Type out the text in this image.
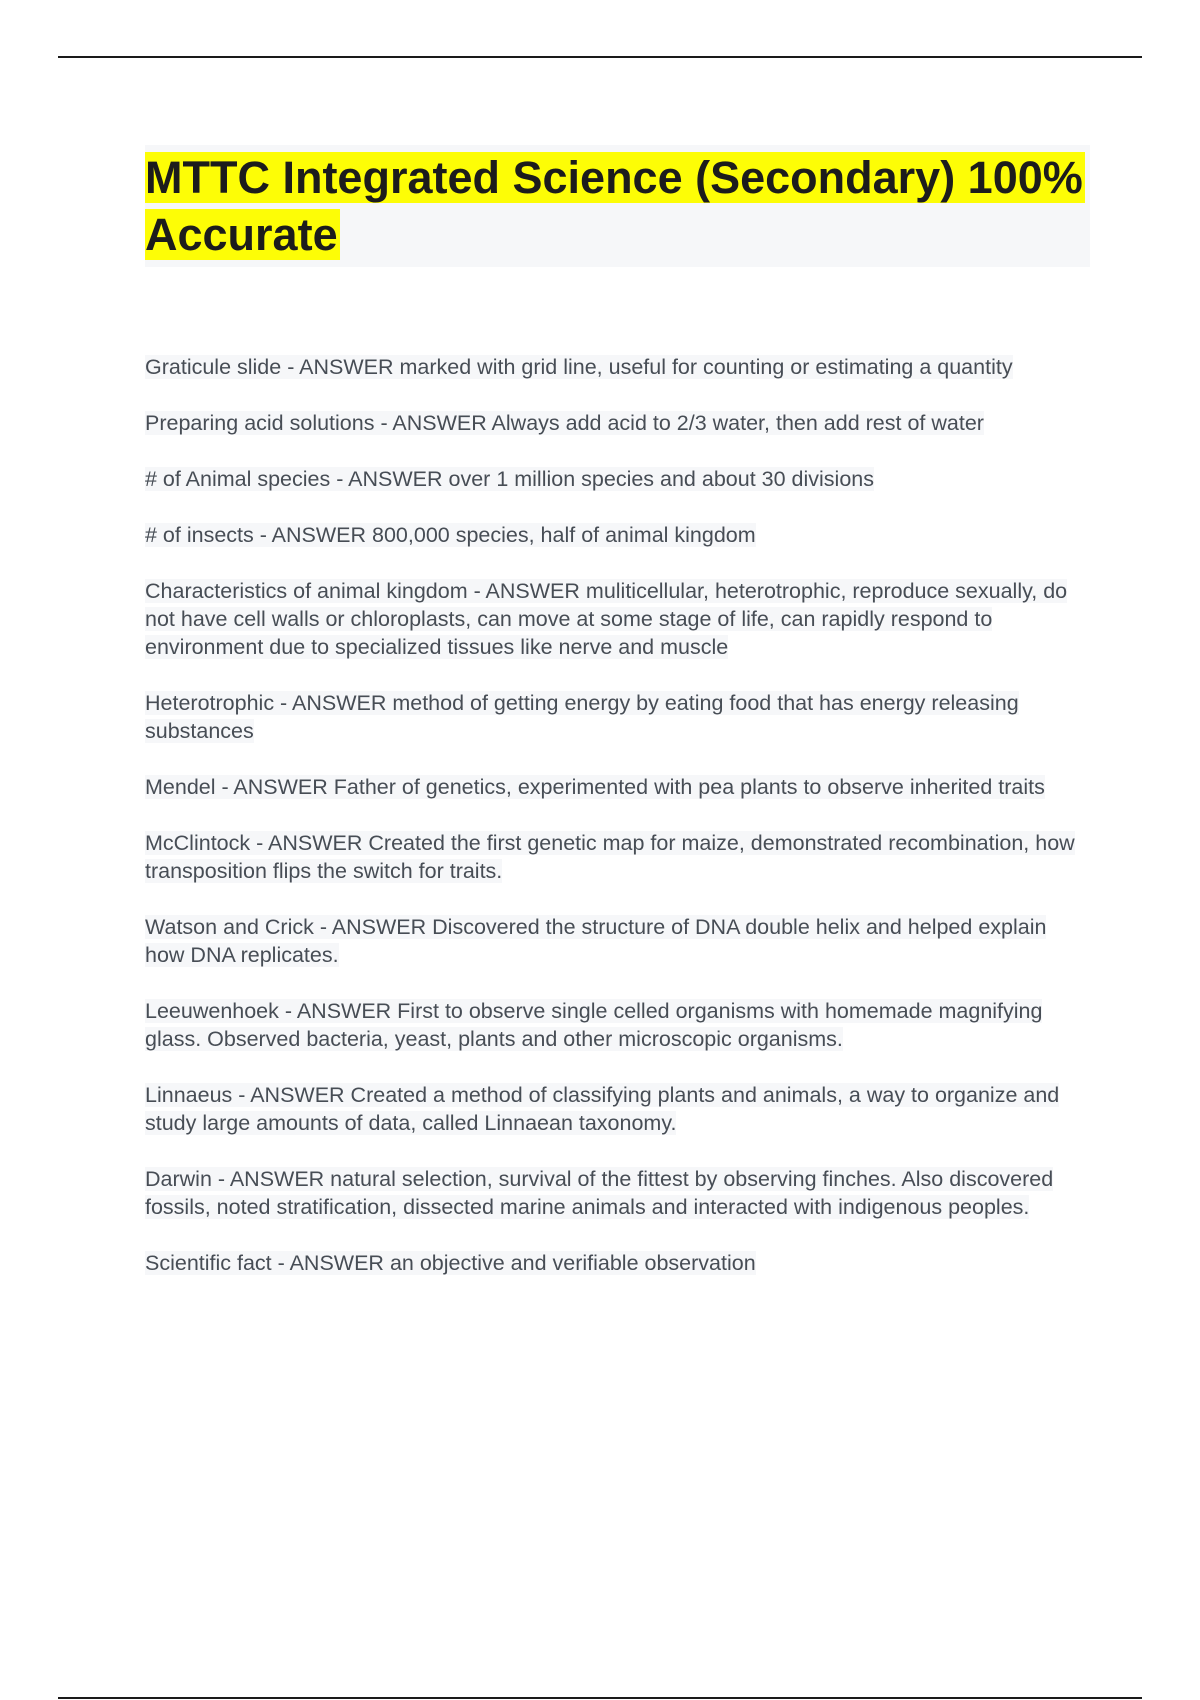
MTTC Integrated Science (Secondary) 100% Accurate
Graticule slide - ANSWER marked with grid line, useful for counting or estimating a quantity
Preparing acid solutions - ANSWER Always add acid to 2/3 water, then add rest of water
# of Animal species - ANSWER over 1 million species and about 30 divisions
# of insects - ANSWER 800,000 species, half of animal kingdom
Characteristics of animal kingdom - ANSWER muliticellular, heterotrophic, reproduce sexually, do not have cell walls or chloroplasts, can move at some stage of life, can rapidly respond to environment due to specialized tissues like nerve and muscle
Heterotrophic - ANSWER method of getting energy by eating food that has energy releasing substances
Mendel - ANSWER Father of genetics, experimented with pea plants to observe inherited traits
McClintock - ANSWER Created the first genetic map for maize, demonstrated recombination, how transposition flips the switch for traits.
Watson and Crick - ANSWER Discovered the structure of DNA double helix and helped explain how DNA replicates.
Leeuwenhoek - ANSWER First to observe single celled organisms with homemade magnifying glass. Observed bacteria, yeast, plants and other microscopic organisms.
Linnaeus - ANSWER Created a method of classifying plants and animals, a way to organize and study large amounts of data, called Linnaean taxonomy.
Darwin - ANSWER natural selection, survival of the fittest by observing finches. Also discovered fossils, noted stratification, dissected marine animals and interacted with indigenous peoples.
Scientific fact - ANSWER an objective and verifiable observation
